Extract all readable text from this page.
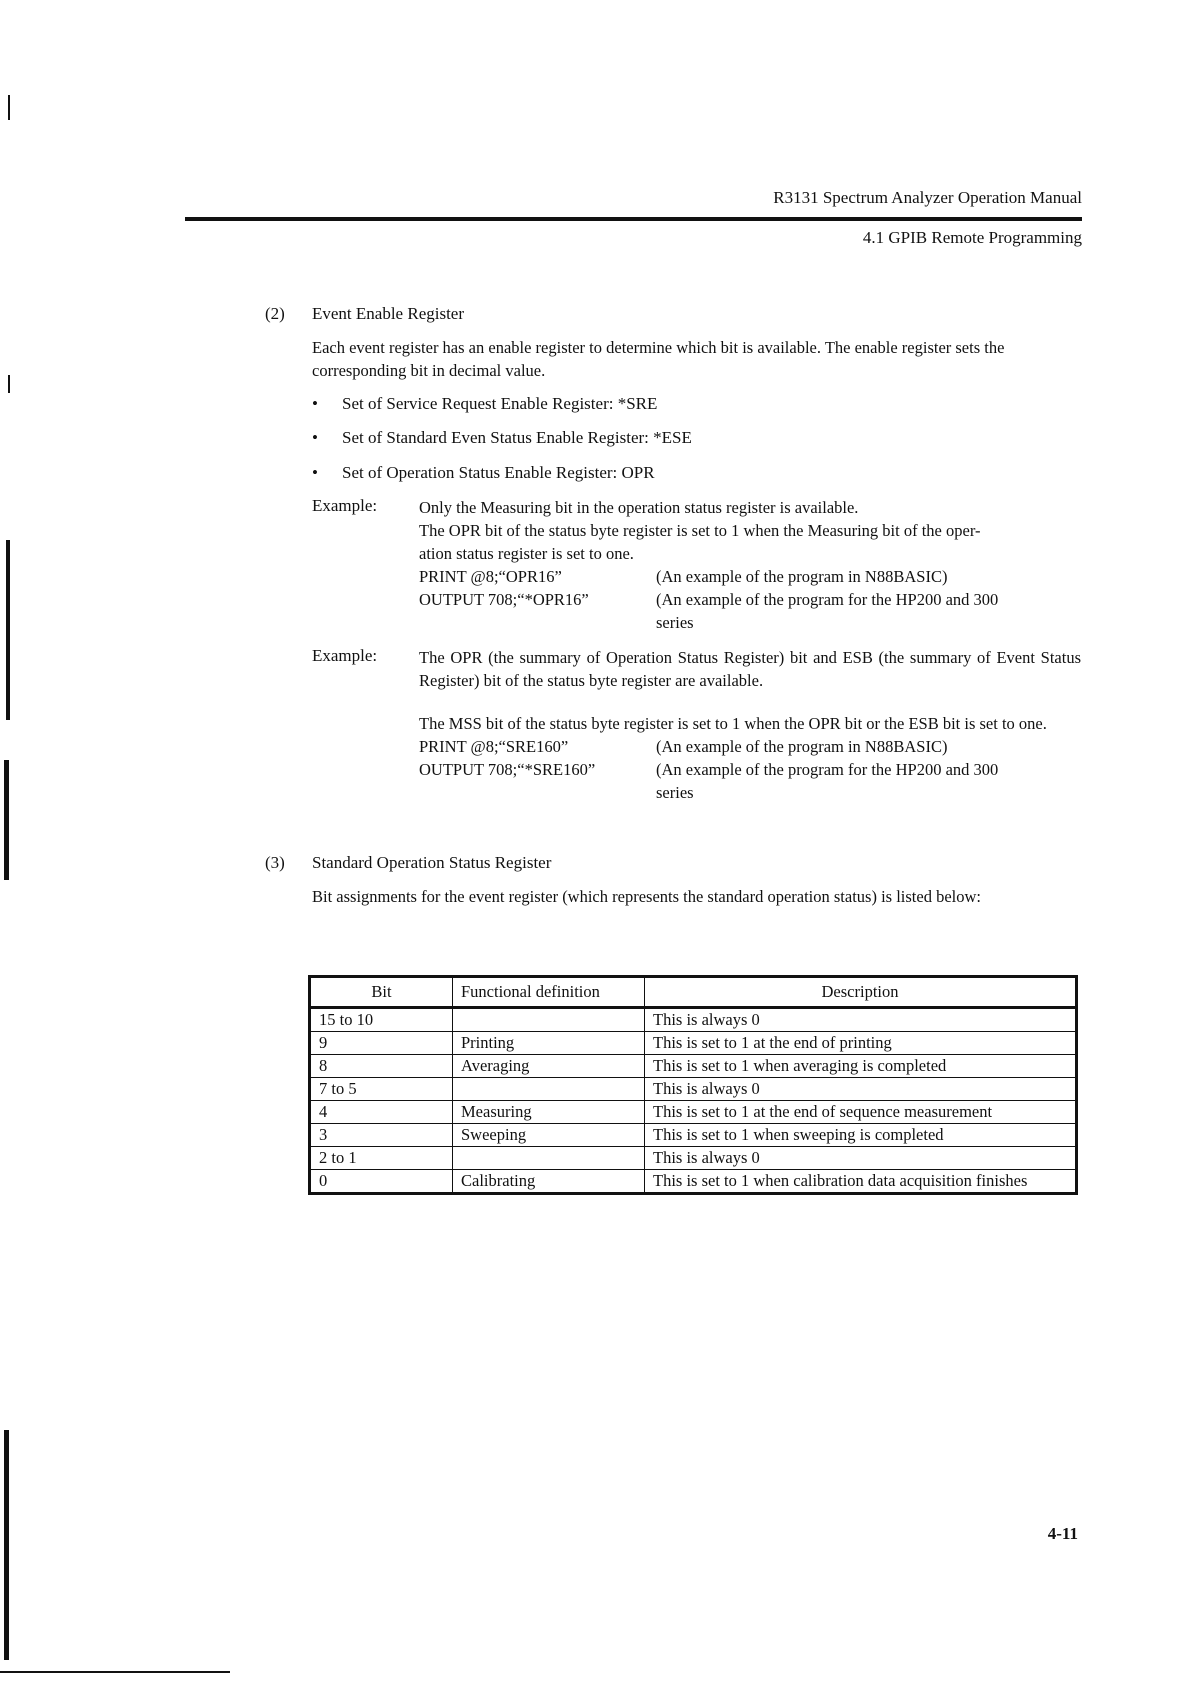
R3131 Spectrum Analyzer Operation Manual
4.1 GPIB Remote Programming
(2) Event Enable Register
Each event register has an enable register to determine which bit is available. The enable register sets the corresponding bit in decimal value.
• Set of Service Request Enable Register: *SRE
• Set of Standard Even Status Enable Register: *ESE
• Set of Operation Status Enable Register: OPR
Example:	Only the Measuring bit in the operation status register is available.
The OPR bit of the status byte register is set to 1 when the Measuring bit of the oper-
ation status register is set to one.
PRINT @8;“OPR16”	(An example of the program in N88BASIC)
OUTPUT 708;“*OPR16”	(An example of the program for the HP200 and 300 series
Example:	The OPR (the summary of Operation Status Register) bit and ESB (the summary of Event Status Register) bit of the status byte register are available.
The MSS bit of the status byte register is set to 1 when the OPR bit or the ESB bit is set to one.
PRINT @8;“SRE160”	(An example of the program in N88BASIC)
OUTPUT 708;“*SRE160”	(An example of the program for the HP200 and 300 series
(3) Standard Operation Status Register
Bit assignments for the event register (which represents the standard operation status) is listed below:
Bit	Functional definition	Description
15 to 10		This is always 0
9	Printing	This is set to 1 at the end of printing
8	Averaging	This is set to 1 when averaging is completed
7 to 5		This is always 0
4	Measuring	This is set to 1 at the end of sequence measurement
3	Sweeping	This is set to 1 when sweeping is completed
2 to 1		This is always 0
0	Calibrating	This is set to 1 when calibration data acquisition finishes
4-11
